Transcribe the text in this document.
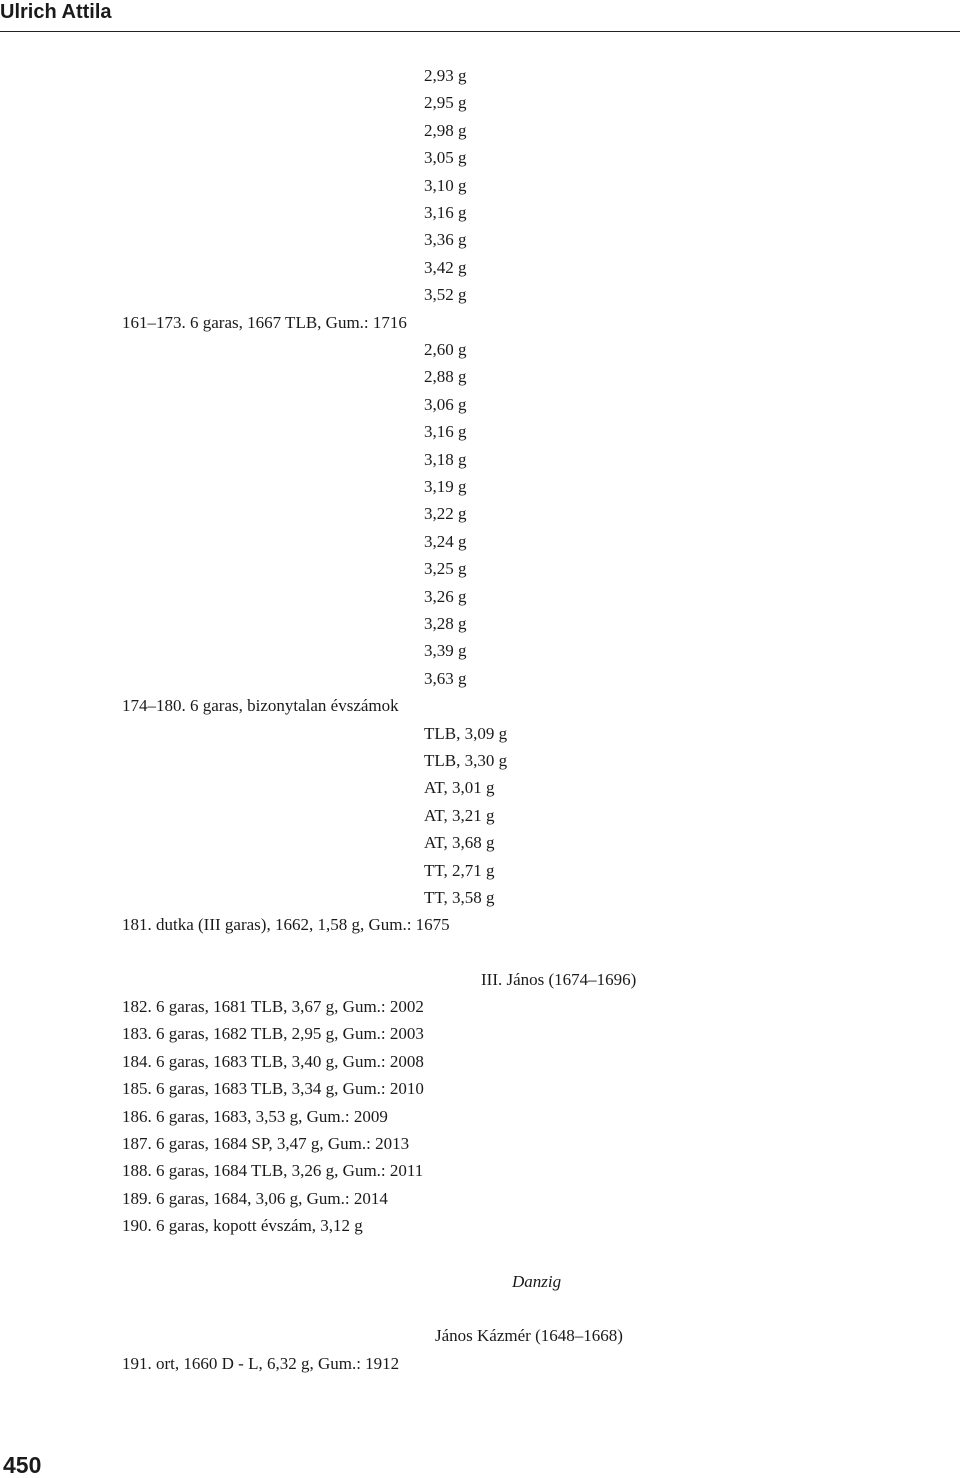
Ulrich Attila
2,93 g
2,95 g
2,98 g
3,05 g
3,10 g
3,16 g
3,36 g
3,42 g
3,52 g
161–173. 6 garas, 1667 TLB, Gum.: 1716
2,60 g
2,88 g
3,06 g
3,16 g
3,18 g
3,19 g
3,22 g
3,24 g
3,25 g
3,26 g
3,28 g
3,39 g
3,63 g
174–180. 6 garas, bizonytalan évszámok
TLB, 3,09 g
TLB, 3,30 g
AT, 3,01 g
AT, 3,21 g
AT, 3,68 g
TT, 2,71 g
TT, 3,58 g
181. dutka (III garas), 1662, 1,58 g, Gum.: 1675
III. János (1674–1696)
182. 6 garas, 1681 TLB, 3,67 g, Gum.: 2002
183. 6 garas, 1682 TLB, 2,95 g, Gum.: 2003
184. 6 garas, 1683 TLB, 3,40 g, Gum.: 2008
185. 6 garas, 1683 TLB, 3,34 g, Gum.: 2010
186. 6 garas, 1683, 3,53 g, Gum.: 2009
187. 6 garas, 1684 SP, 3,47 g, Gum.: 2013
188. 6 garas, 1684 TLB, 3,26 g, Gum.: 2011
189. 6 garas, 1684, 3,06 g, Gum.: 2014
190. 6 garas, kopott évszám, 3,12 g
Danzig
János Kázmér (1648–1668)
191. ort, 1660 D - L, 6,32 g, Gum.: 1912
450
